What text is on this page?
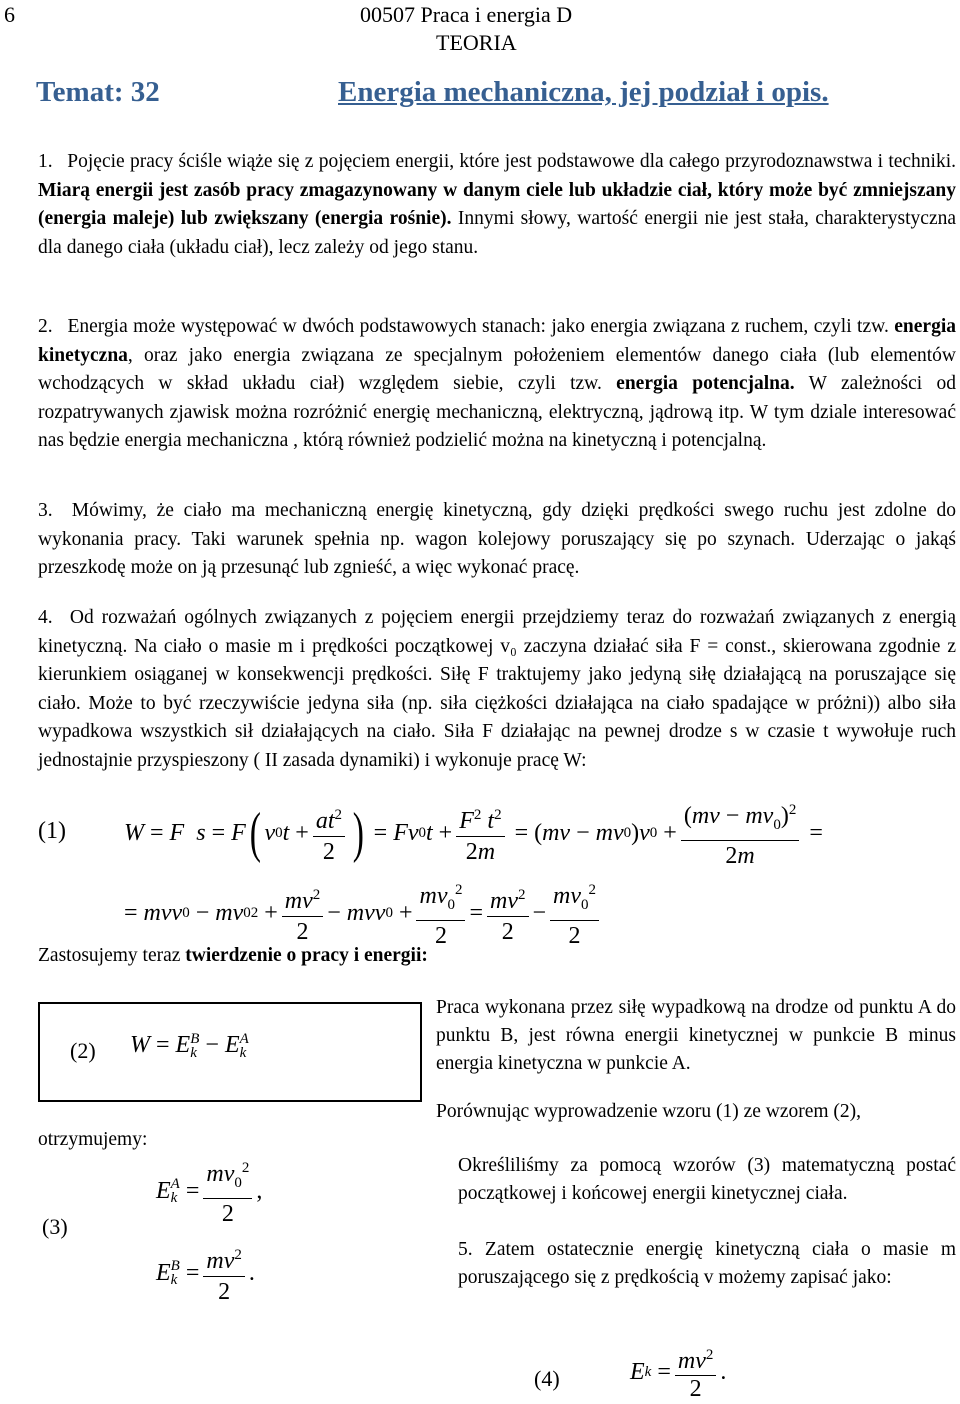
6	00507 Praca i energia D
TEORIA
Temat: 32	Energia mechaniczna, jej podział i opis.
1. Pojęcie pracy ściśle wiąże się z pojęciem energii, które jest podstawowe dla całego przyrodoznawstwa i techniki. Miarą energii jest zasób pracy zmagazynowany w danym ciele lub układzie ciał, który może być zmniejszany (energia maleje) lub zwiększany (energia rośnie). Innymi słowy, wartość energii nie jest stała, charakterystyczna dla danego ciała (układu ciał), lecz zależy od jego stanu.
2. Energia może występować w dwóch podstawowych stanach: jako energia związana z ruchem, czyli tzw. energia kinetyczna, oraz jako energia związana ze specjalnym położeniem elementów danego ciała (lub elementów wchodzących w skład układu ciał) względem siebie, czyli tzw. energia potencjalna. W zależności od rozpatrywanych zjawisk można rozróżnić energię mechaniczną, elektryczną, jądrową itp. W tym dziale interesować nas będzie energia mechaniczna , którą również podzielić można na kinetyczną i potencjalną.
3. Mówimy, że ciało ma mechaniczną energię kinetyczną, gdy dzięki prędkości swego ruchu jest zdolne do wykonania pracy. Taki warunek spełnia np. wagon kolejowy poruszający się po szynach. Uderzając o jakąś przeszkodę może on ją przesunąć lub zgnieść, a więc wykonać pracę.
4. Od rozważań ogólnych związanych z pojęciem energii przejdziemy teraz do rozważań związanych z energią kinetyczną. Na ciało o masie m i prędkości początkowej v₀ zaczyna działać siła F = const., skierowana zgodnie z kierunkiem osiąganej w konsekwencji prędkości. Siłę F traktujemy jako jedyną siłę działającą na poruszające się ciało. Może to być rzeczywiście jedyna siła (np. siła ciężkości działająca na ciało spadające w próżni)) albo siła wypadkowa wszystkich sił działających na ciało. Siła F działając na pewnej drodze s w czasie t wywołuje ruch jednostajnie przyspieszony ( II zasada dynamiki) i wykonuje pracę W:
(1) W = F
s = F ( v 0 $t + \frac{at^2}{2}$ ) = Fv 0 $t + \frac{F^2 t^2}{2m}$ = ( mv − mv 0 ) v $0 + \frac{(mv - mv_0)^2}{2m}$ =
= mvv 0 − mv 0 $2 + \frac{mv^2}{2}$ − mvv $0 + \frac{mv_0^2}{2} = \frac{mv^2}{2} - \frac{mv_0^2}{2}$
Zastosujemy teraz twierdzenie o pracy i energii:
(2) W = E B
k − E A
k
Praca wykonana przez siłę wypadkową na drodze od punktu A do punktu B, jest równa energii kinetycznej w punkcie B minus energia kinetyczna w punkcie A.
Porównując wyprowadzenie wzoru (1) ze wzorem (2),
otrzymujemy:
(3)
E A
$k = \frac{mv_0^2}{2}$ ,
E B
$k = \frac{mv^2}{2}$ .
Określiliśmy za pomocą wzorów (3) matematyczną postać początkowej i końcowej energii kinetycznej ciała.
5. Zatem ostatecznie energię kinetyczną ciała o masie m poruszającego się z prędkością v możemy zapisać jako:
(4)	E $k = \frac{mv^2}{2}$ .
